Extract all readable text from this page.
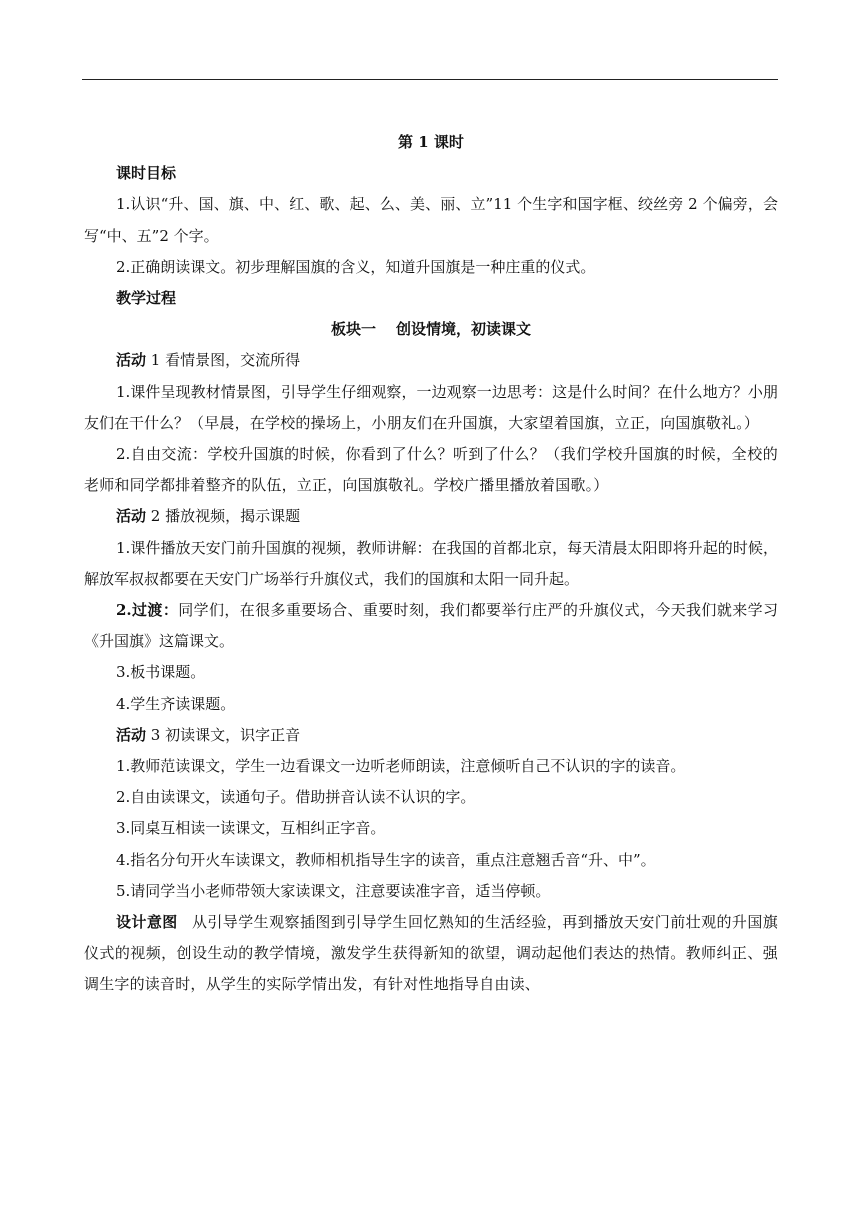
第 1 课时
课时目标

1.认识“升、国、旗、中、红、歌、起、么、美、丽、立”11 个生字和国字框、绞丝旁 2 个偏旁，会写“中、五”2 个字。

2.正确朗读课文。初步理解国旗的含义，知道升国旗是一种庄重的仪式。

教学过程
板块一 创设情境，初读课文

活动 1 看情景图，交流所得

1.课件呈现教材情景图，引导学生仔细观察，一边观察一边思考：这是什么时间？在什么地方？小朋友们在干什么？（早晨，在学校的操场上，小朋友们在升国旗，大家望着国旗，立正，向国旗敬礼。）

2.自由交流：学校升国旗的时候，你看到了什么？听到了什么？（我们学校升国旗的时候，全校的老师和同学都排着整齐的队伍，立正，向国旗敬礼。学校广播里播放着国歌。）

活动 2 播放视频，揭示课题

1.课件播放天安门前升国旗的视频，教师讲解：在我国的首都北京，每天清晨太阳即将升起的时候，解放军叔叔都要在天安门广场举行升旗仪式，我们的国旗和太阳一同升起。

2.过渡：同学们，在很多重要场合、重要时刻，我们都要举行庄严的升旗仪式，今天我们就来学习《升国旗》这篇课文。

3.板书课题。

4.学生齐读课题。

活动 3 初读课文，识字正音

1.教师范读课文，学生一边看课文一边听老师朗读，注意倾听自己不认识的字的读音。

2.自由读课文，读通句子。借助拼音认读不认识的字。

3.同桌互相读一读课文，互相纠正字音。

4.指名分句开火车读课文，教师相机指导生字的读音，重点注意翘舌音“升、中”。

5.请同学当小老师带领大家读课文，注意要读准字音，适当停顿。

设计意图 从引导学生观察插图到引导学生回忆熟知的生活经验，再到播放天安门前壮观的升国旗仪式的视频，创设生动的教学情境，激发学生获得新知的欲望，调动起他们表达的热情。教师纠正、强调生字的读音时，从学生的实际学情出发，有针对性地指导自由读、
